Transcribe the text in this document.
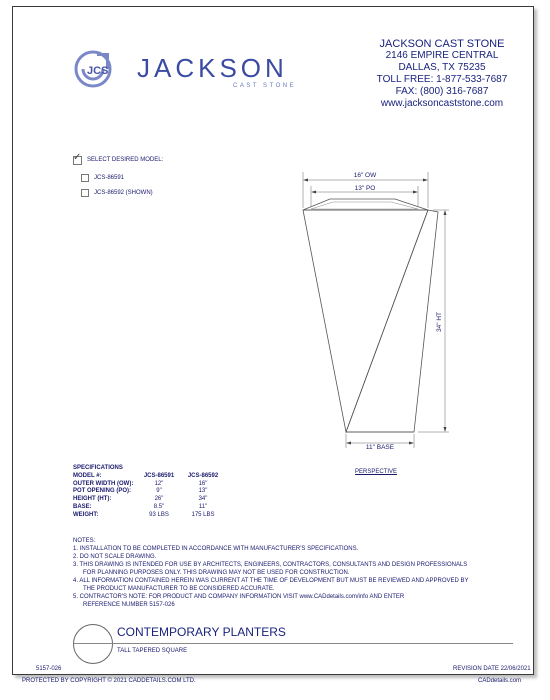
JCS JACKSON
CAST STONE
JACKSON CAST STONE
2146 EMPIRE CENTRAL
DALLAS, TX 75235
TOLL FREE: 1-877-533-7687
FAX: (800) 316-7687
www.jacksoncaststone.com
✓ SELECT DESIRED MODEL:
JCS-86591
JCS-86592 (SHOWN)
16" OW
13" PO
34" HT
11" BASE
PERSPECTIVE
SPECIFICATIONS
MODEL #:	JCS-86591	JCS-86592
OUTER WIDTH (OW):	12"	16"
POT OPENING (PO):	9"	13"
HEIGHT (HT):	26"	34"
BASE:	8.5"	11"
WEIGHT:	93 LBS	175 LBS
NOTES:
1. INSTALLATION TO BE COMPLETED IN ACCORDANCE WITH MANUFACTURER'S SPECIFICATIONS.
2. DO NOT SCALE DRAWING.
3. THIS DRAWING IS INTENDED FOR USE BY ARCHITECTS, ENGINEERS, CONTRACTORS, CONSULTANTS AND DESIGN PROFESSIONALS
FOR PLANNING PURPOSES ONLY. THIS DRAWING MAY NOT BE USED FOR CONSTRUCTION.
4. ALL INFORMATION CONTAINED HEREIN WAS CURRENT AT THE TIME OF DEVELOPMENT BUT MUST BE REVIEWED AND APPROVED BY
THE PRODUCT MANUFACTURER TO BE CONSIDERED ACCURATE.
5. CONTRACTOR'S NOTE: FOR PRODUCT AND COMPANY INFORMATION VISIT www.CADdetails.com/info AND ENTER
REFERENCE NUMBER 5157-026
CONTEMPORARY PLANTERS
TALL TAPERED SQUARE
5157-026	REVISION DATE 22/06/2021
PROTECTED BY COPYRIGHT © 2021 CADDETAILS.COM LTD.	CADdetails.com
